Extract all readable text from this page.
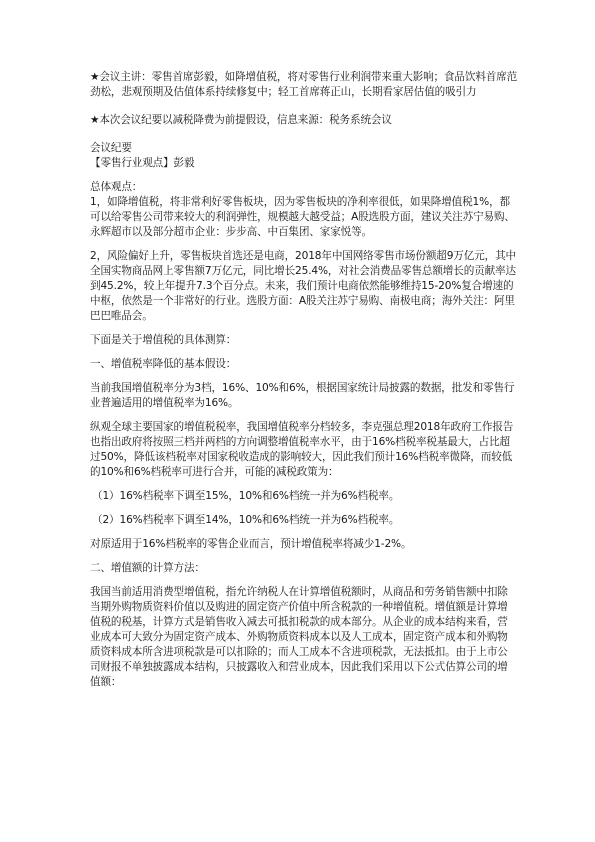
★会议主讲：零售首席彭毅，如降增值税，将对零售行业利润带来重大影响；食品饮料首席范劲松，悲观预期及估值体系持续修复中；轻工首席蒋正山，长期看家居估值的吸引力

★本次会议纪要以减税降费为前提假设，信息来源：税务系统会议

会议纪要

【零售行业观点】彭毅

总体观点：

1，如降增值税，将非常利好零售板块，因为零售板块的净利率很低，如果降增值税1%，都可以给零售公司带来较大的利润弹性，规模越大越受益；A股选股方面，建议关注苏宁易购、永辉超市以及部分超市企业：步步高、中百集团、家家悦等。

2，风险偏好上升，零售板块首选还是电商，2018年中国网络零售市场份额超9万亿元，其中全国实物商品网上零售额7万亿元，同比增长25.4%，对社会消费品零售总额增长的贡献率达到45.2%，较上年提升7.3个百分点。未来，我们预计电商依然能够维持15-20%复合增速的中枢，依然是一个非常好的行业。选股方面：A股关注苏宁易购、南极电商；海外关注：阿里巴巴唯品会。

下面是关于增值税的具体测算：

一、增值税率降低的基本假设：

当前我国增值税率分为3档，16%、10%和6%，根据国家统计局披露的数据，批发和零售行业普遍适用的增值税率为16%。

纵观全球主要国家的增值税税率，我国增值税率分档较多，李克强总理2018年政府工作报告也指出政府将按照三档并两档的方向调整增值税率水平，由于16%档税率税基最大，占比超过50%，降低该档税率对国家税收造成的影响较大，因此我们预计16%档税率微降，而较低的10%和6%档税率可进行合并，可能的减税政策为：

（1）16%档税率下调至15%，10%和6%档统一并为6%档税率。

（2）16%档税率下调至14%，10%和6%档统一并为6%档税率。

对原适用于16%档税率的零售企业而言，预计增值税率将减少1-2%。

二、增值额的计算方法：

我国当前适用消费型增值税，指允许纳税人在计算增值税额时，从商品和劳务销售额中扣除当期外购物质资料价值以及购进的固定资产价值中所含税款的一种增值税。增值额是计算增值税的税基，计算方式是销售收入减去可抵扣税款的成本部分。从企业的成本结构来看，营业成本可大致分为固定资产成本、外购物质资料成本以及人工成本，固定资产成本和外购物质资料成本所含进项税款是可以扣除的；而人工成本不含进项税款，无法抵扣。由于上市公司财报不单独披露成本结构，只披露收入和营业成本，因此我们采用以下公式估算公司的增值额：
